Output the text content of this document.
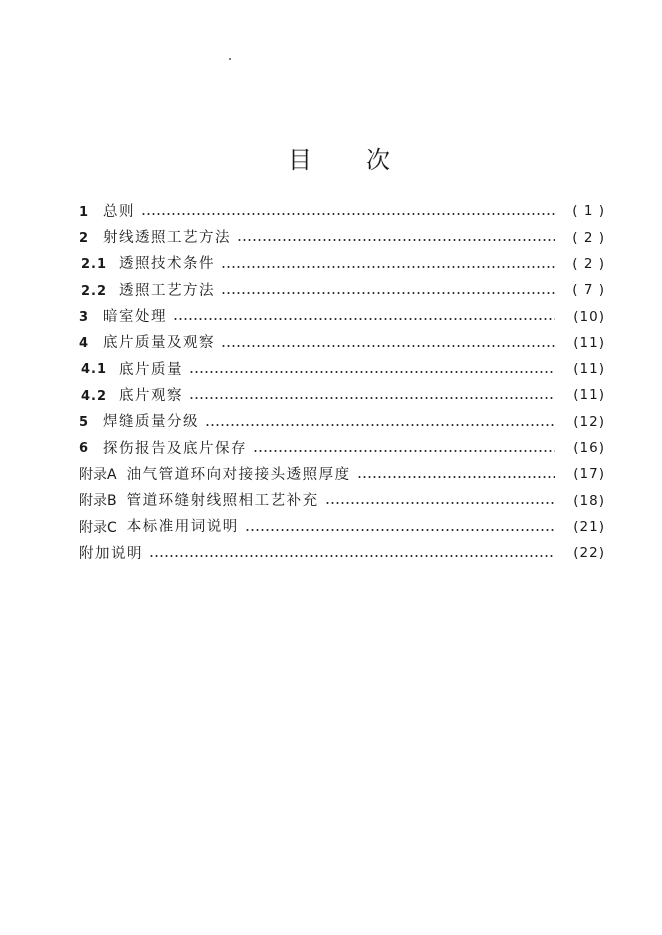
目 次
1	总则	( 1 )
2	射线透照工艺方法	( 2 )
2.1 透照技术条件	( 2 )
2.2 透照工艺方法	( 7 )
3	暗室处理	(10)
4	底片质量及观察	(11)
4.1 底片质量	(11)
4.2 底片观察	(11)
5	焊缝质量分级	(12)
6	探伤报告及底片保存	(16)
附录A 油气管道环向对接接头透照厚度	(17)
附录B 管道环缝射线照相工艺补充	(18)
附录C 本标准用词说明	(21)
附加说明	(22)
